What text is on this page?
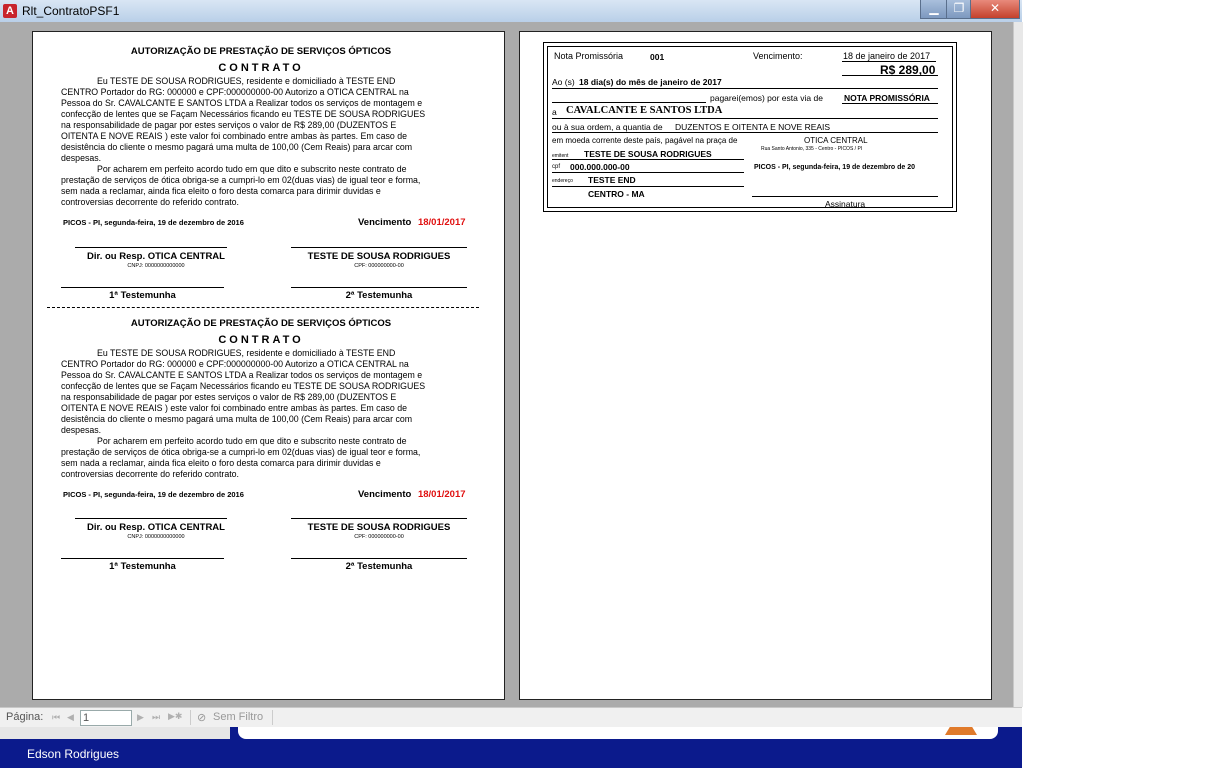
A Rlt_ContratoPSF1	▁	❐	✕
AUTORIZAÇÃO DE PRESTAÇÃO DE SERVIÇOS ÓPTICOS
CONTRATO

Eu TESTE DE SOUSA RODRIGUES, residente e domiciliado à TESTE END

CENTRO Portador do RG: 000000 e CPF:000000000-00 Autorizo a OTICA CENTRAL na

Pessoa do Sr. CAVALCANTE E SANTOS LTDA a Realizar todos os serviços de montagem e

confecção de lentes que se Façam Necessários ficando eu TESTE DE SOUSA RODRIGUES

na responsabilidade de pagar por estes serviços o valor de R$ 289,00 (DUZENTOS E

OITENTA E NOVE REAIS ) este valor foi combinado entre ambas às partes. Em caso de

desistência do cliente o mesmo pagará uma multa de 100,00 (Cem Reais) para arcar com

despesas.

Por acharem em perfeito acordo tudo em que dito e subscrito neste contrato de

prestação de serviços de ótica obriga-se a cumpri-lo em 02(duas vias) de igual teor e forma,

sem nada a reclamar, ainda fica eleito o foro desta comarca para dirimir duvidas e

controversias decorrente do referido contrato.

PICOS - PI, segunda-feira, 19 de dezembro de 2016	Vencimento 18/01/2017
Dir. ou Resp. OTICA CENTRAL	TESTE DE SOUSA RODRIGUES
CNPJ: 0000000000000	CPF: 000000000-00
1ª Testemunha	2ª Testemunha
AUTORIZAÇÃO DE PRESTAÇÃO DE SERVIÇOS ÓPTICOS
CONTRATO

Eu TESTE DE SOUSA RODRIGUES, residente e domiciliado à TESTE END

CENTRO Portador do RG: 000000 e CPF:000000000-00 Autorizo a OTICA CENTRAL na

Pessoa do Sr. CAVALCANTE E SANTOS LTDA a Realizar todos os serviços de montagem e

confecção de lentes que se Façam Necessários ficando eu TESTE DE SOUSA RODRIGUES

na responsabilidade de pagar por estes serviços o valor de R$ 289,00 (DUZENTOS E

OITENTA E NOVE REAIS ) este valor foi combinado entre ambas às partes. Em caso de

desistência do cliente o mesmo pagará uma multa de 100,00 (Cem Reais) para arcar com

despesas.

Por acharem em perfeito acordo tudo em que dito e subscrito neste contrato de

prestação de serviços de ótica obriga-se a cumpri-lo em 02(duas vias) de igual teor e forma,

sem nada a reclamar, ainda fica eleito o foro desta comarca para dirimir duvidas e

controversias decorrente do referido contrato.

PICOS - PI, segunda-feira, 19 de dezembro de 2016	Vencimento 18/01/2017
Dir. ou Resp. OTICA CENTRAL	TESTE DE SOUSA RODRIGUES
CNPJ: 0000000000000	CPF: 000000000-00
1ª Testemunha	2ª Testemunha
Nota Promissória	001	Vencimento:	18 de janeiro de 2017
R$ 289,00
Ao (s) 18 dia(s) do mês de janeiro de 2017
pagarei(emos) por esta via de NOTA PROMISSÓRIA
a CAVALCANTE E SANTOS LTDA
ou à sua ordem, a quantia de DUZENTOS E OITENTA E NOVE REAIS
em moeda corrente deste país, pagável na praça de	OTICA CENTRAL
Rua Santo Antonio, 335 - Centro - PICOS / PI
emitent TESTE DE SOUSA RODRIGUES
cpf 000.000.000-00	PICOS - PI, segunda-feira, 19 de dezembro de 20
endereço TESTE END
CENTRO - MA
Assinatura
Página: ⏮ ◀ 1	▶ ⏭ ▶✱ ⊘ Sem Filtro
Edson Rodrigues
